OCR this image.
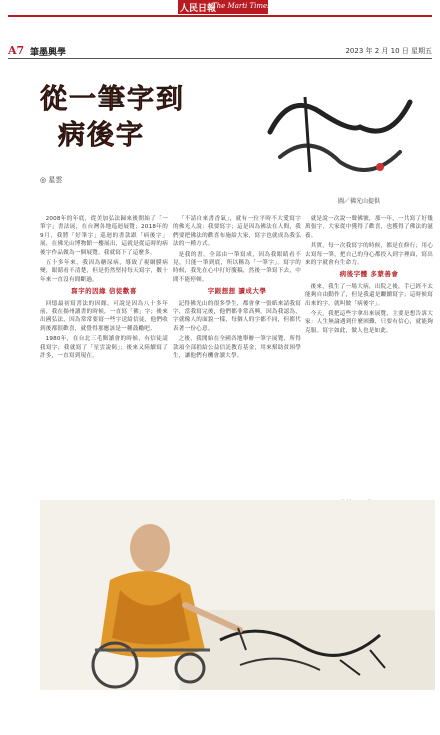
人民日報
The Marti Times
A7 筆墨興學	2023 年 2 月 10 日 星期五
從一筆字到
病後字
◎ 星雲
圖／佛光山提供

2008年的年底，從美加弘法歸來後開始了「一筆字」書法展，在台灣各地巡迴展覽；2018年的9月，我將「好筆字」巡迴的書款跟「病後字」展，在佛光山博物館一樓展出，這就是從這時的病後字作品做為一個展覽，我就寫下了這麼多。

五十多年來，我因為糖尿病，導致了視網膜病變，眼睛看不清楚，但是仍然堅持每天寫字，數十年來一直沒有間斷過。

寫字的因緣 信徒歡喜

回憶最初寫書法的因緣，可說是因為八十多年前，我在揚州讀書的時候，一直寫「佛」字；後來出國弘法，因為常常要寫一些字送給信徒，他們收到後都很歡喜，就覺得那應該是一種鼓勵吧。

1980年，在台北三毛閱讀會的時候，有信徒請我寫字，我就寫了「星雲說偈」；後來又陸續寫了許多，一直寫到現在。

「不請自來書香氣」，就有一位平時不大愛寫字的佛光人說：我要寫字；這是因為佛法在人間，我們要把佛法的歡喜布施給大家，寫字也就成為我弘法的一種方式。

是我的書，全部由一筆寫成，因為我眼睛看不見，只能一筆到底，所以稱為「一筆字」。寫字的時候，我先在心中打好腹稿，然後一筆寫下去，中間不能停頓。

字跟想想 讀成大學

記得佛光山的很多學生，都會拿一張紙來請我寫字，當我寫完後，他們都非常高興。因為我認為，字就像人的面貌一樣，每個人的字都不同，但都代表著一份心意。

之後，我開始在全國各地舉辦一筆字展覽，所得款項全部捐給公益信託教育基金，用來幫助貧困學生，讓他們有機會讀大學。

就是說一次說一聲佛號，那一年，一共寫了好幾萬張字，大家從中獲得了歡喜，也獲得了佛法的滋養。

其實，每一次我寫字的時候，都是在修行；用心去寫每一筆，把自己的身心都投入到字裡面，寫出來的字就會有生命力。

病後字體 多蒙善會

後來，我生了一場大病，出院之後，手已經不太能夠自由動作了，但是我還是繼續寫字；這時候寫出來的字，就叫做「病後字」。

今天，我把這些字拿出來展覽，主要是想告訴大家：人生無論遇到什麼困難，只要有信心，就能夠克服。寫字如此，做人也是如此。
